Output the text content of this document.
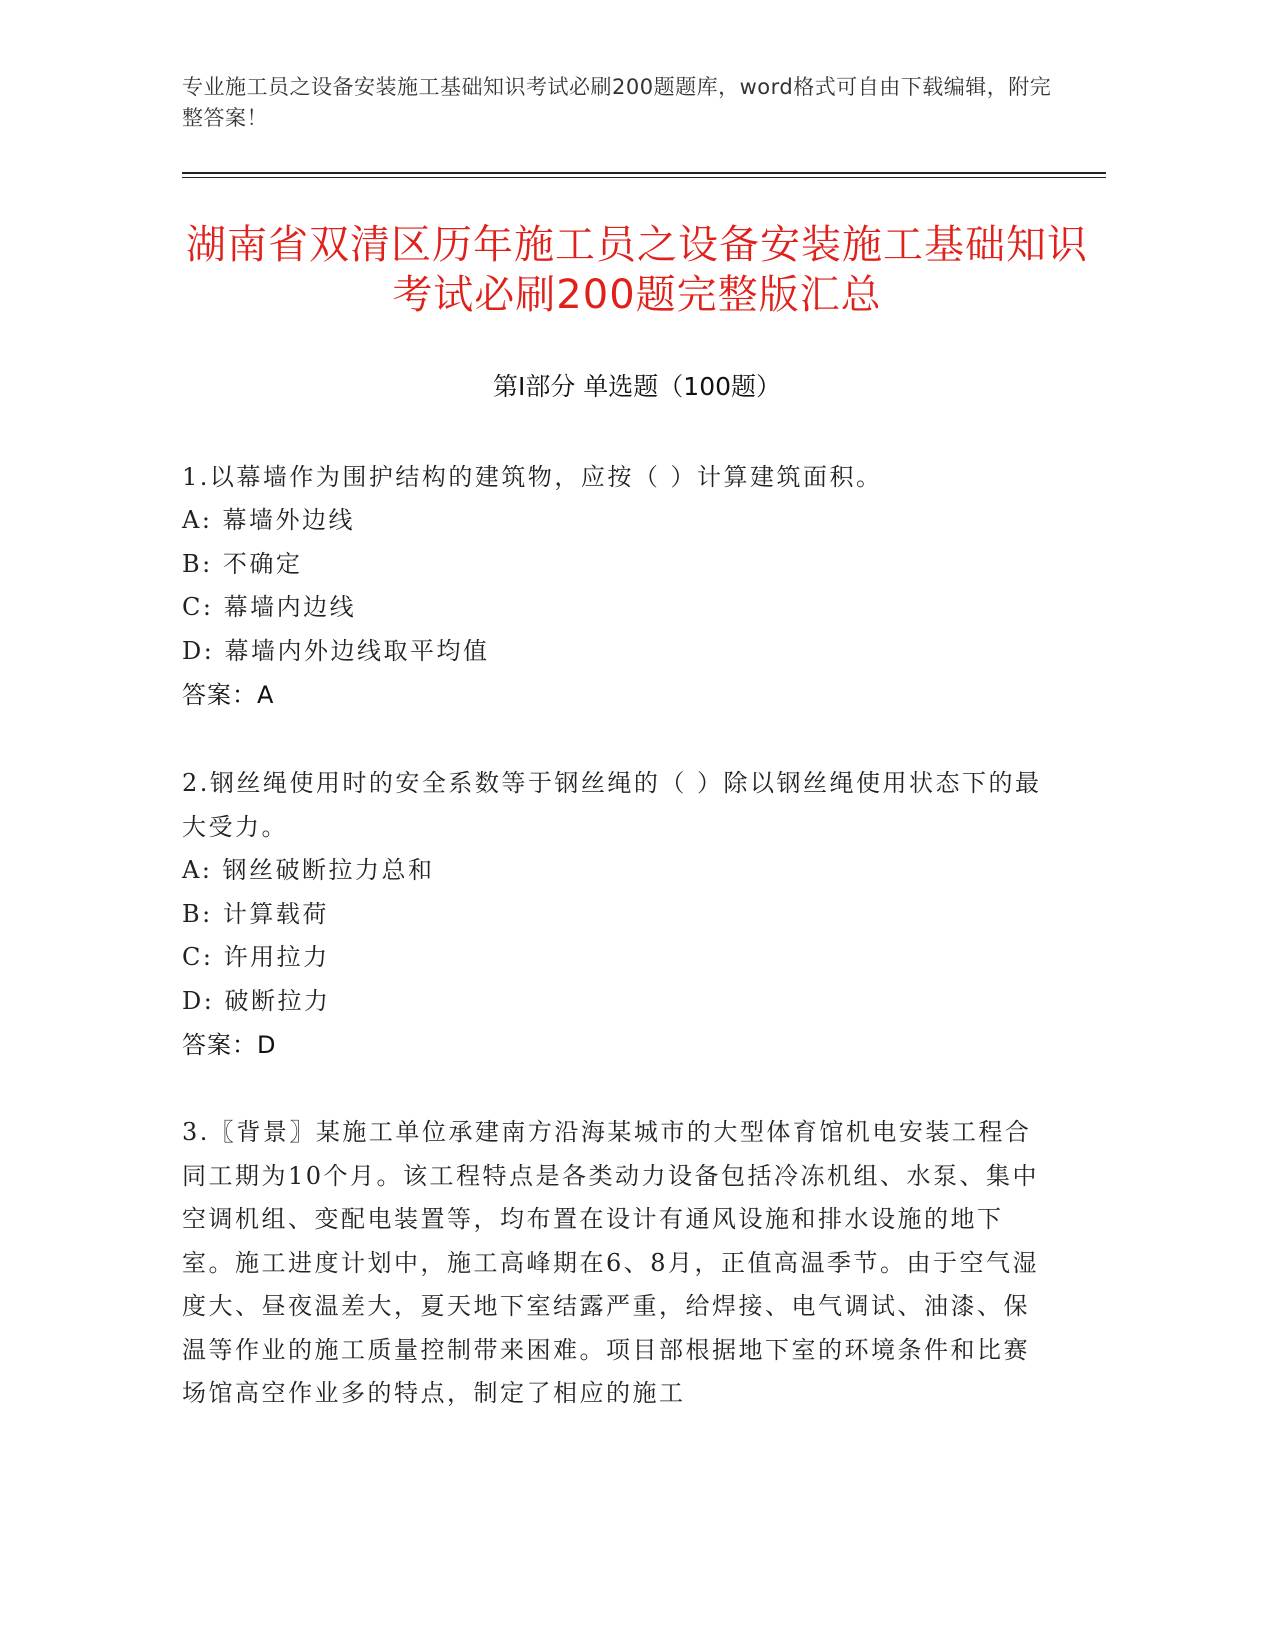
专业施工员之设备安装施工基础知识考试必刷200题题库，word格式可自由下载编辑，附完整答案！
湖南省双清区历年施工员之设备安装施工基础知识考试必刷200题完整版汇总
第Ⅰ部分 单选题（100题）
1.以幕墙作为围护结构的建筑物，应按（ ）计算建筑面积。
A: 幕墙外边线
B: 不确定
C: 幕墙内边线
D: 幕墙内外边线取平均值
答案：A
2.钢丝绳使用时的安全系数等于钢丝绳的（ ）除以钢丝绳使用状态下的最大受力。
A: 钢丝破断拉力总和
B: 计算载荷
C: 许用拉力
D: 破断拉力
答案：D
3.〖背景〗某施工单位承建南方沿海某城市的大型体育馆机电安装工程合同工期为10个月。该工程特点是各类动力设备包括冷冻机组、水泵、集中空调机组、变配电装置等，均布置在设计有通风设施和排水设施的地下室。施工进度计划中，施工高峰期在6、8月，正值高温季节。由于空气湿度大、昼夜温差大，夏天地下室结露严重，给焊接、电气调试、油漆、保温等作业的施工质量控制带来困难。项目部根据地下室的环境条件和比赛场馆高空作业多的特点，制定了相应的施工
